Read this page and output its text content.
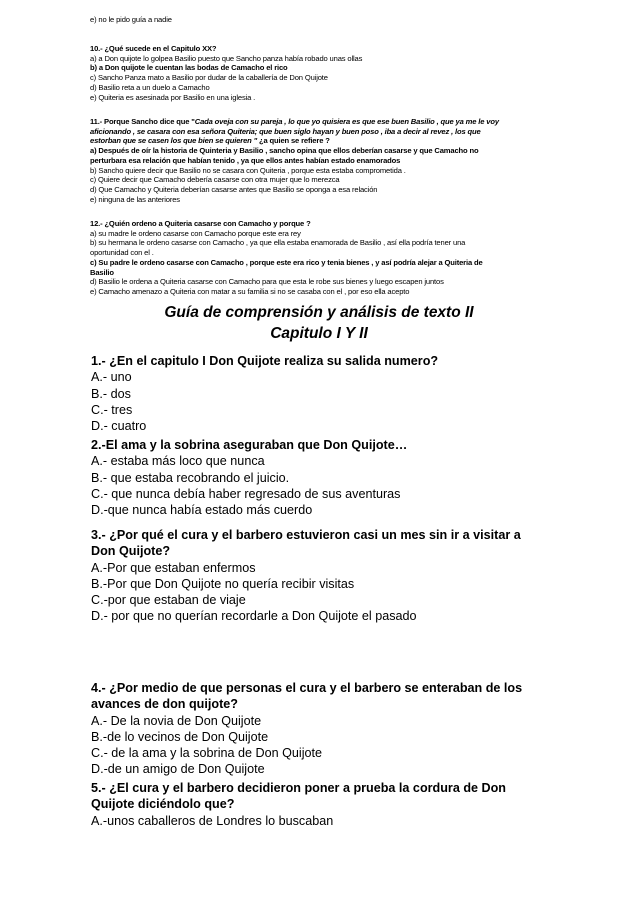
e) no le pido guía a nadie
10.- ¿Qué sucede en el Capitulo XX?
a) a Don quijote lo golpea Basilio puesto que Sancho panza había robado unas ollas
b) a Don quijote le cuentan las bodas de Camacho el rico
c) Sancho Panza mato a Basilio por dudar de la caballería de Don Quijote
d) Basilio reta a un duelo a Camacho
e) Quiteria es asesinada por Basilio en una iglesia .
11.- Porque Sancho dice que "Cada oveja con su pareja , lo que yo quisiera es que ese buen Basilio , que ya me le voy
aficionando , se casara con esa señora Quiteria; que buen siglo hayan y buen poso , iba a decir al revez , los que
estorban que se casen los que bien se quieren " ¿a quien se refiere ?
a) Después de oír la historia de Quinteria y Basilio , sancho opina que ellos deberían casarse y que Camacho no
perturbara esa relación que habían tenido , ya que ellos antes habían estado enamorados
b) Sancho quiere decir que Basilio no se casara con Quiteria , porque esta estaba comprometida .
c) Quiere decir que Camacho debería casarse con otra mujer que lo merezca
d) Que Camacho y Quiteria deberían casarse antes que Basilio se oponga a esa relación
e) ninguna de las anteriores
12.- ¿Quién ordeno a Quiteria casarse con Camacho y porque ?
a) su madre le ordeno casarse con Camacho porque este era rey
b) su hermana le ordeno casarse con Camacho , ya que ella estaba enamorada de Basilio , así ella podría tener una
oportunidad con el .
c) Su padre le ordeno casarse con Camacho , porque este era rico y tenia bienes , y así podría alejar a Quiteria de
Basilio
d) Basilio le ordena a Quiteria casarse con Camacho para que esta le robe sus bienes y luego escapen juntos
e) Camacho amenazo a Quiteria con matar a su familia si no se casaba con el , por eso ella acepto
Guía de comprensión y análisis de texto II
Capitulo I Y II
1.- ¿En el capitulo I Don Quijote realiza su salida numero?
A.- uno
B.- dos
C.- tres
D.- cuatro
2.-El ama y la sobrina aseguraban que Don Quijote…
A.- estaba más loco que nunca
B.- que estaba recobrando el juicio.
C.- que nunca debía haber regresado de sus aventuras
D.-que nunca había estado más cuerdo
3.- ¿Por qué el cura y el barbero estuvieron casi un mes sin ir a visitar a
Don Quijote?
A.-Por que estaban enfermos
B.-Por que Don Quijote no quería recibir visitas
C.-por que estaban de viaje
D.- por que no querían recordarle a Don Quijote el pasado
4.- ¿Por medio de que personas el cura y el barbero se enteraban de los
avances de don quijote?
A.- De la novia de Don Quijote
B.-de lo vecinos de Don Quijote
C.- de la ama y la sobrina de Don Quijote
D.-de un amigo de Don Quijote
5.- ¿El cura y el barbero decidieron poner a prueba la cordura de Don
Quijote diciéndolo que?
A.-unos caballeros de Londres lo buscaban
